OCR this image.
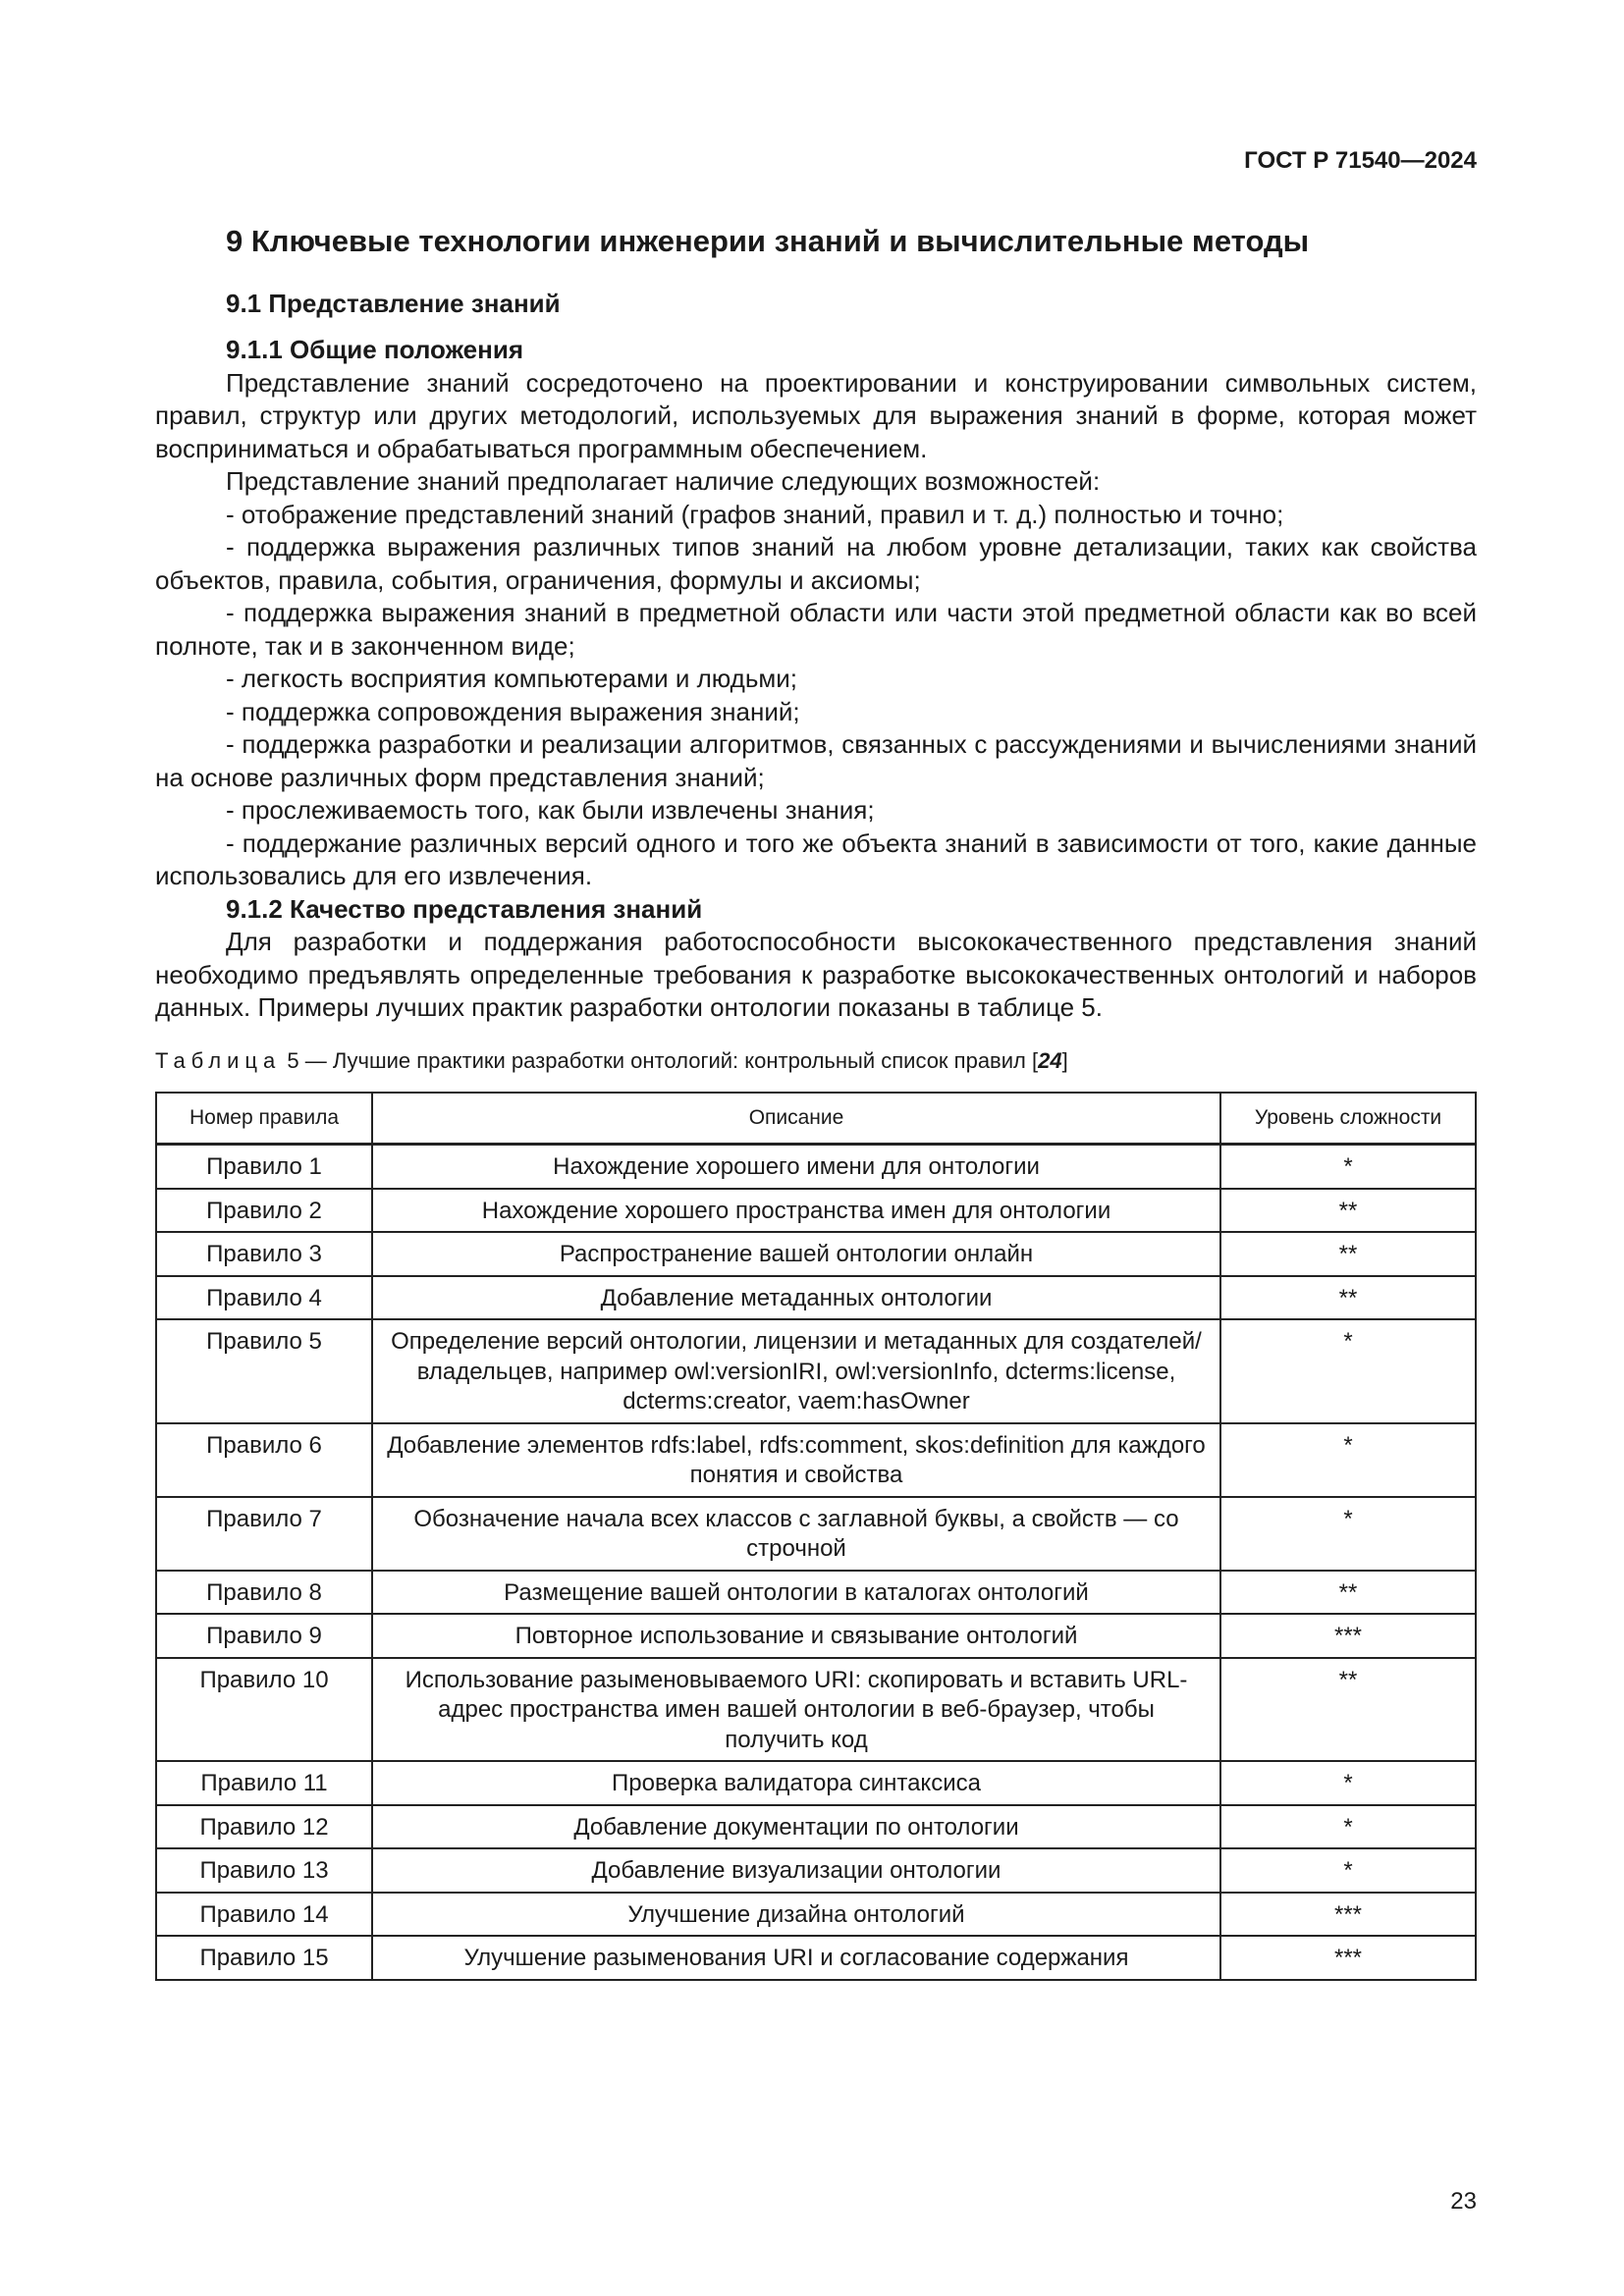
ГОСТ Р 71540—2024
9 Ключевые технологии инженерии знаний и вычислительные методы
9.1 Представление знаний

9.1.1 Общие положения

Представление знаний сосредоточено на проектировании и конструировании символьных систем, правил, структур или других методологий, используемых для выражения знаний в форме, которая может восприниматься и обрабатываться программным обеспечением.

Представление знаний предполагает наличие следующих возможностей:

- отображение представлений знаний (графов знаний, правил и т. д.) полностью и точно;

- поддержка выражения различных типов знаний на любом уровне детализации, таких как свойства объектов, правила, события, ограничения, формулы и аксиомы;

- поддержка выражения знаний в предметной области или части этой предметной области как во всей полноте, так и в законченном виде;

- легкость восприятия компьютерами и людьми;

- поддержка сопровождения выражения знаний;

- поддержка разработки и реализации алгоритмов, связанных с рассуждениями и вычислениями знаний на основе различных форм представления знаний;

- прослеживаемость того, как были извлечены знания;

- поддержание различных версий одного и того же объекта знаний в зависимости от того, какие данные использовались для его извлечения.

9.1.2 Качество представления знаний

Для разработки и поддержания работоспособности высококачественного представления знаний необходимо предъявлять определенные требования к разработке высококачественных онтологий и наборов данных. Примеры лучших практик разработки онтологии показаны в таблице 5.

Таблица 5 — Лучшие практики разработки онтологий: контрольный список правил [24]
Номер правила	Описание	Уровень сложности
Правило 1	Нахождение хорошего имени для онтологии	*
Правило 2	Нахождение хорошего пространства имен для онтологии	**
Правило 3	Распространение вашей онтологии онлайн	**
Правило 4	Добавление метаданных онтологии	**
Правило 5	Определение версий онтологии, лицензии и метаданных для создателей/владельцев, например owl:versionIRI, owl:versionInfo, dcterms:license, dcterms:creator, vaem:hasOwner	*
Правило 6	Добавление элементов rdfs:label, rdfs:comment, skos:definition для каждого понятия и свойства	*
Правило 7	Обозначение начала всех классов с заглавной буквы, а свойств — со строчной	*
Правило 8	Размещение вашей онтологии в каталогах онтологий	**
Правило 9	Повторное использование и связывание онтологий	***
Правило 10	Использование разыменовываемого URI: скопировать и вставить URL-адрес пространства имен вашей онтологии в веб-браузер, чтобы получить код	**
Правило 11	Проверка валидатора синтаксиса	*
Правило 12	Добавление документации по онтологии	*
Правило 13	Добавление визуализации онтологии	*
Правило 14	Улучшение дизайна онтологий	***
Правило 15	Улучшение разыменования URI и согласование содержания	***
23
